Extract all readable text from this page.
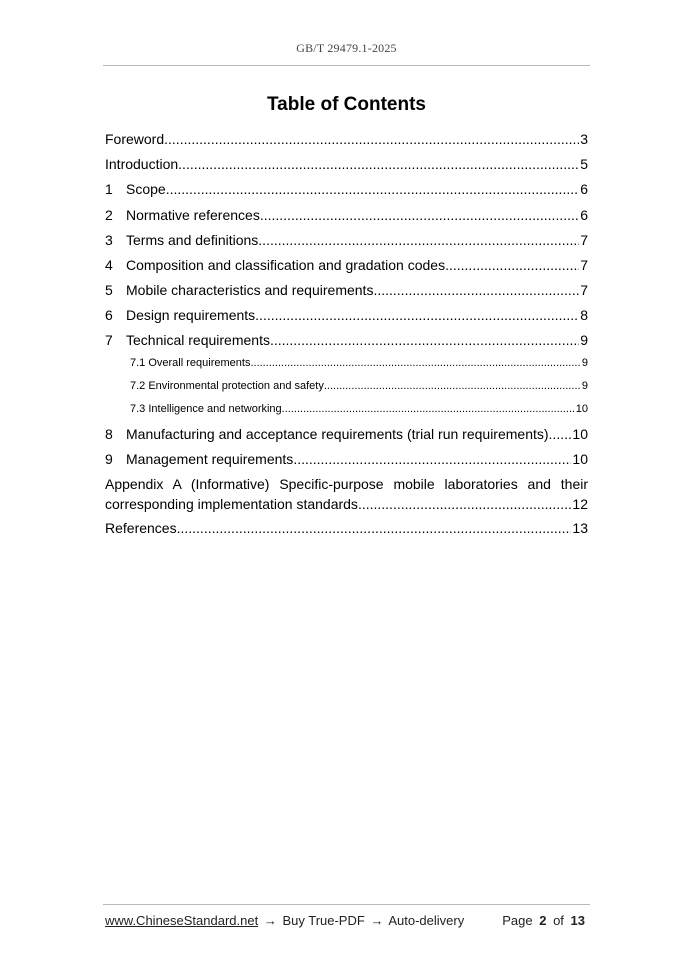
GB/T 29479.1-2025
Table of Contents
Foreword .....	3
Introduction .....	5
1 Scope .....	6
2 Normative references .....	6
3 Terms and definitions .....	7
4 Composition and classification and gradation codes .....	7
5 Mobile characteristics and requirements .....	7
6 Design requirements .....	8
7 Technical requirements .....	9
7.1 Overall requirements .....	9
7.2 Environmental protection and safety .....	9
7.3 Intelligence and networking .....	10
8 Manufacturing and acceptance requirements (trial run requirements) ..... 10
9 Management requirements .....	10
Appendix A (Informative) Specific-purpose mobile laboratories and their
corresponding implementation standards .....	12
References .....	13
www.ChineseStandard.net → Buy True-PDF → Auto-delivery	Page 2 of 13
